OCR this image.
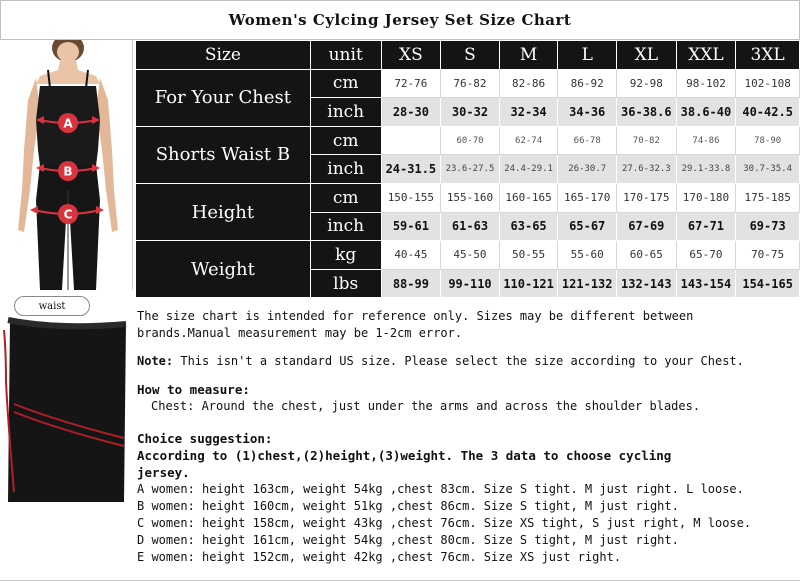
Women's Cylcing Jersey Set Size Chart
A
B
C
waist
Size	unit	XS	S	M	L	XL	XXL	3XL
For Your Chest	cm	72-76	76-82	82-86	86-92	92-98	98-102	102-108
	inch	28-30	30-32	32-34	34-36	36-38.6	38.6-40	40-42.5
Shorts Waist B	cm		60-70	62-74	66-78	70-82	74-86	78-90
	inch	24-31.5	23.6-27.5	24.4-29.1	26-30.7	27.6-32.3	29.1-33.8	30.7-35.4
Height	cm	150-155	155-160	160-165	165-170	170-175	170-180	175-185
	inch	59-61	61-63	63-65	65-67	67-69	67-71	69-73
Weight	kg	40-45	45-50	50-55	55-60	60-65	65-70	70-75
	lbs	88-99	99-110	110-121	121-132	132-143	143-154	154-165

The size chart is intended for reference only. Sizes may be different between

brands.Manual measurement may be 1-2cm error.

Note: This isn't a standard US size. Please select the size according to your Chest.

How to measure:

Chest: Around the chest, just under the arms and across the shoulder blades.

Choice suggestion:

According to (1)chest,(2)height,(3)weight. The 3 data to choose cycling

jersey.

A women: height 163cm, weight 54kg ,chest 83cm. Size S tight. M just right. L loose.

B women: height 160cm, weight 51kg ,chest 86cm. Size S tight, M just right.

C women: height 158cm, weight 43kg ,chest 76cm. Size XS tight, S just right, M loose.

D women: height 161cm, weight 54kg ,chest 80cm. Size S tight, M just right.

E women: height 152cm, weight 42kg ,chest 76cm. Size XS just right.
